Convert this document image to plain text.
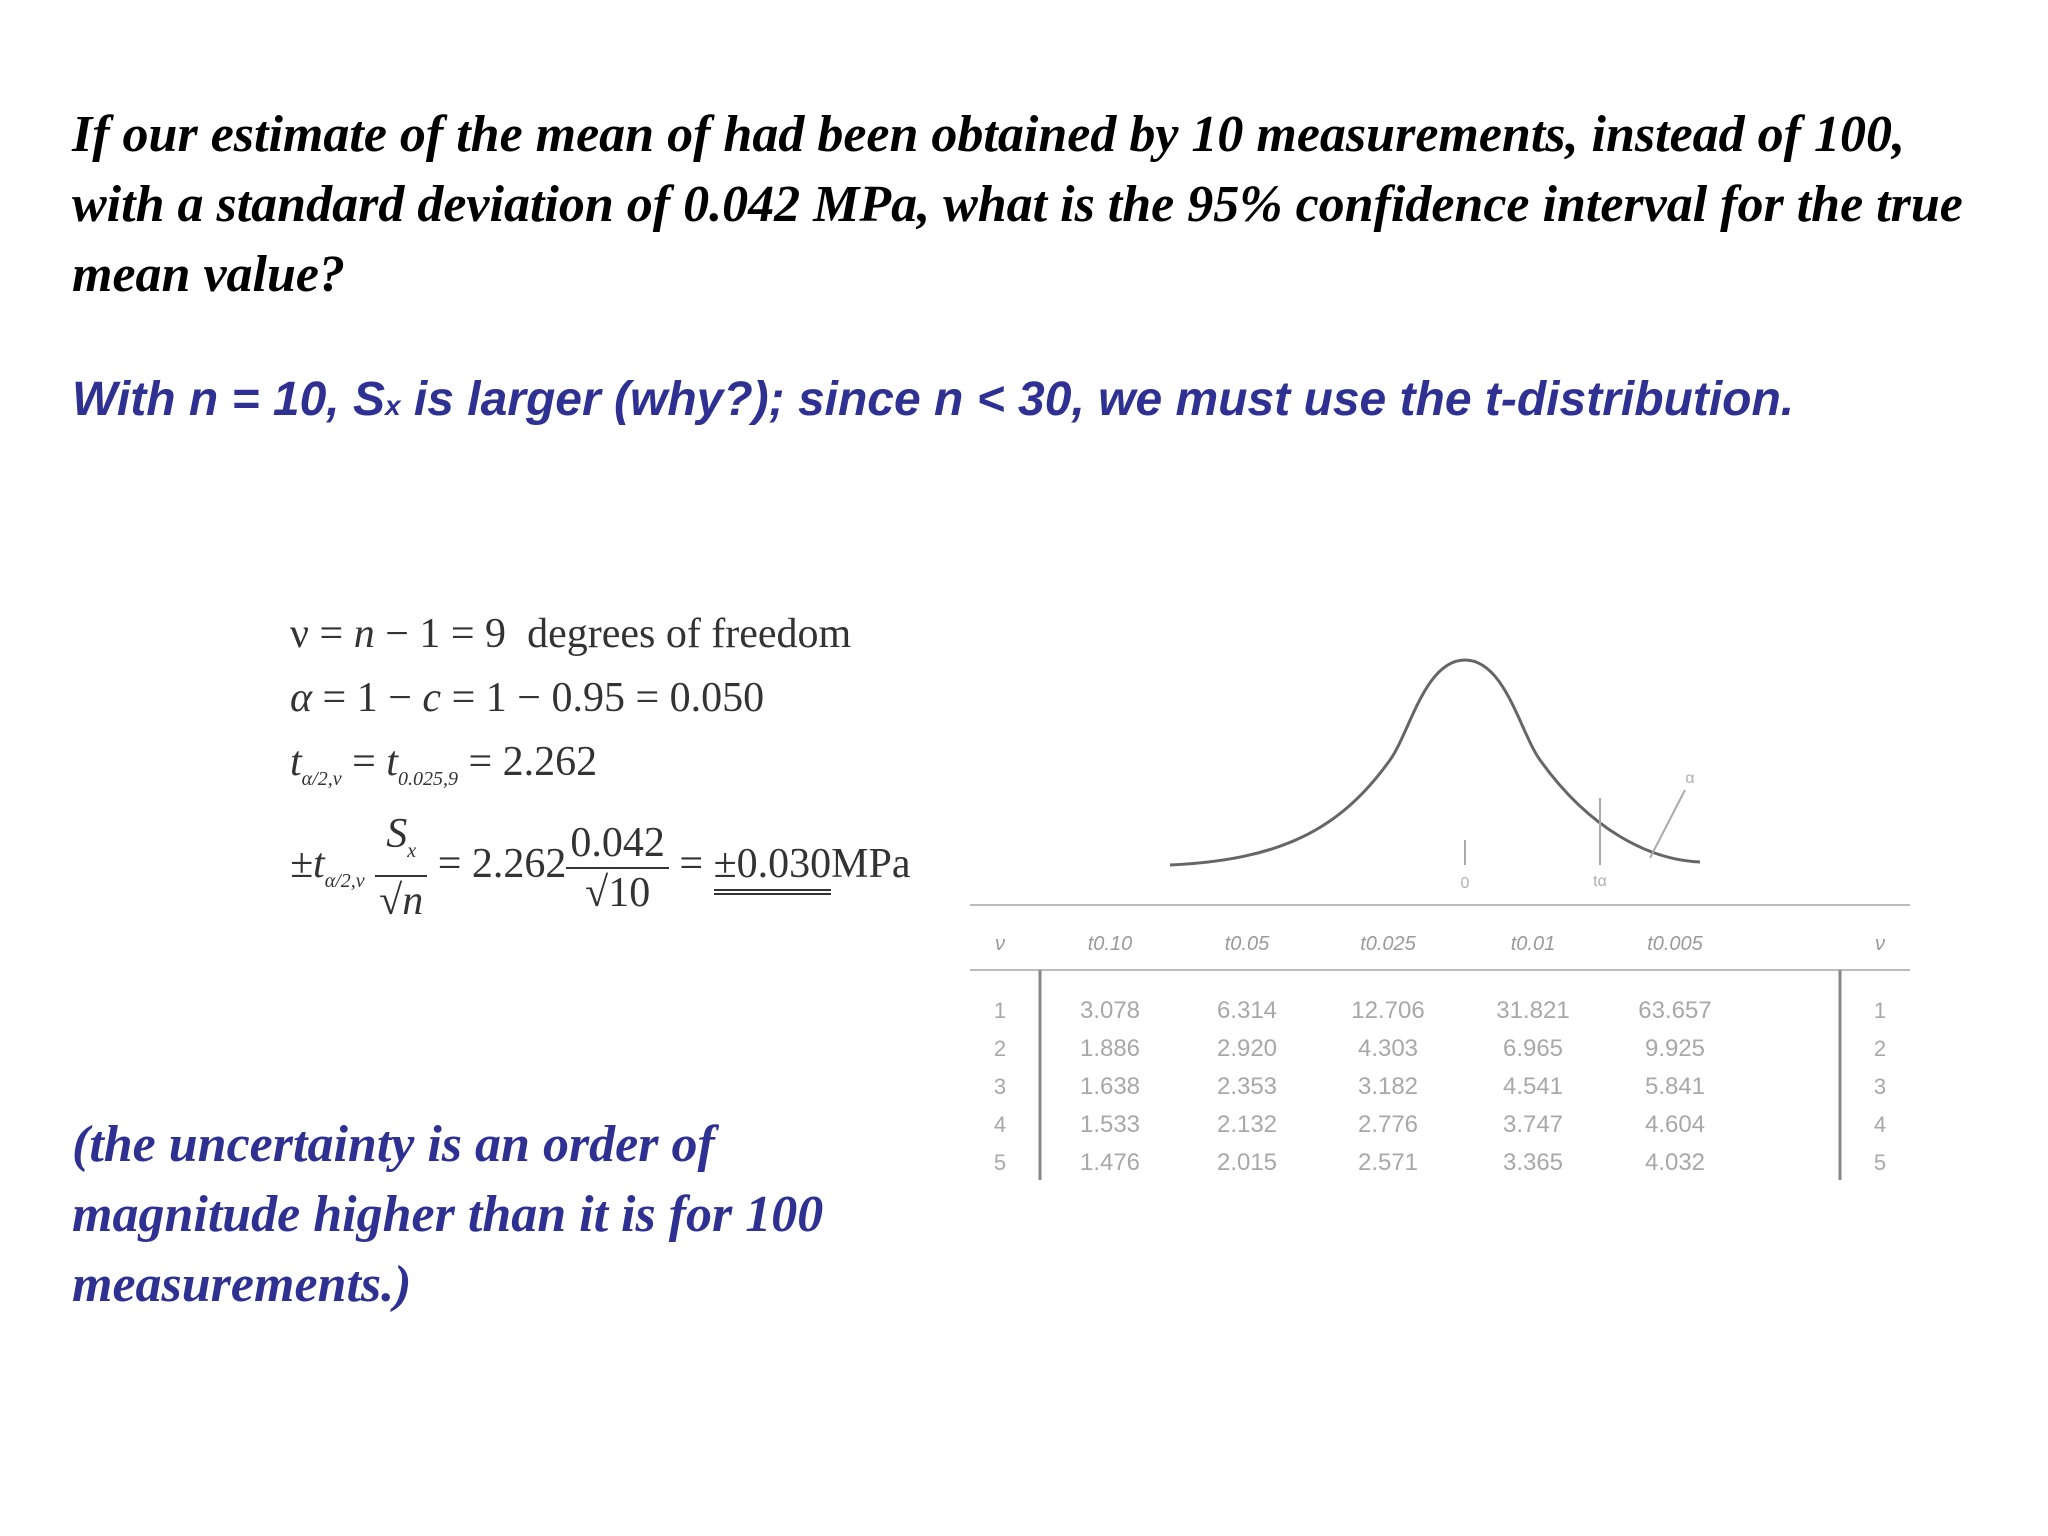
If our estimate of the mean of had been obtained by 10 measurements, instead of 100, with a standard deviation of 0.042 MPa, what is the 95% confidence interval for the true mean value?

With n = 10, Sx is larger (why?); since n < 30, we must use the t-distribution.

ν = n − 1 = 9  degrees of freedom
α = 1 − c = 1 − 0.95 = 0.050
$t_{\alpha/2,\nu} = t_{0.025,9} = 2.262$
$\pm t_{\alpha/2,\nu} \frac{S_x}{√n} = 2.262 \frac{0.042}{√10} = \pm 0.030MPa$

(the uncertainty is an order of magnitude higher than it is for 100 measurements.)

0	tα
α
ν	t0.10	t0.05	t0.025	t0.01	t0.005	ν
1	3.078	6.314	12.706	31.821	63.657	1
2	1.886	2.920	4.303	6.965	9.925	2
3	1.638	2.353	3.182	4.541	5.841	3
4	1.533	2.132	2.776	3.747	4.604	4
5	1.476	2.015	2.571	3.365	4.032	5
